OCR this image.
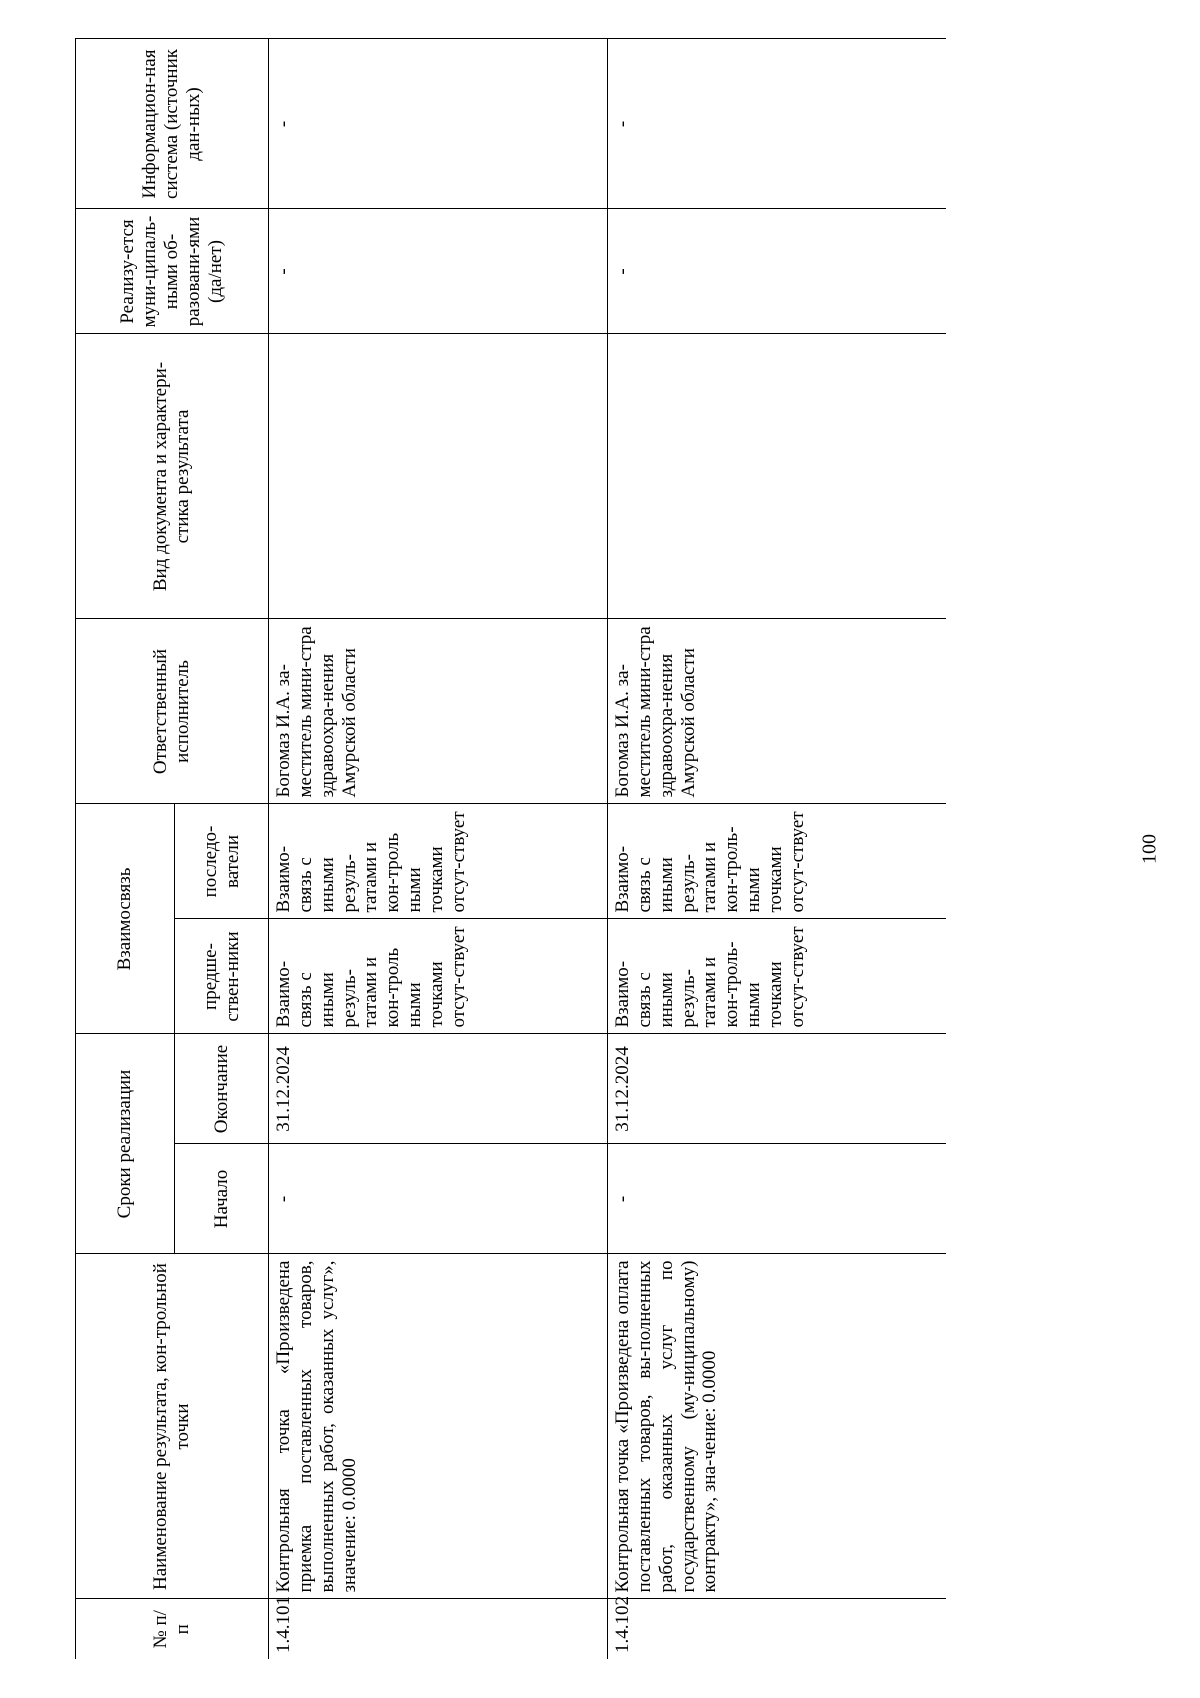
100
№ п/п	Наименование результата, кон-трольной точки	Сроки реализации		Взаимосвязь		Ответственный исполнитель	Вид документа и характери-стика результата	Реализу-ется муни-ципаль-ными об-разовани-ями (да/нет)	Информацион-ная система (источник дан-ных)
		Начало	Окончание	предше-ствен-ники	последо-ватели				
1.4.101	Контрольная точка «Произведена приемка поставленных товаров, выполненных работ, оказанных услуг», значение: 0.0000	-	31.12.2024	Взаимо-связь с иными резуль-татами и кон-троль ными точками отсут-ствует	Взаимо-связь с иными резуль-татами и кон-троль ными точками отсут-ствует	Богомаз И.А. за-меститель мини-стра здравоохра-нения Амурской области		-	-
1.4.102	Контрольная точка «Произведена оплата поставленных товаров, вы-полненных работ, оказанных услуг по государственному (му-ниципальному) контракту», зна-чение: 0.0000	-	31.12.2024	Взаимо-связь с иными резуль-татами и кон-троль-ными точками отсут-ствует	Взаимо-связь с иными резуль-татами и кон-троль-ными точками отсут-ствует	Богомаз И.А. за-меститель мини-стра здравоохра-нения Амурской области		-	-
